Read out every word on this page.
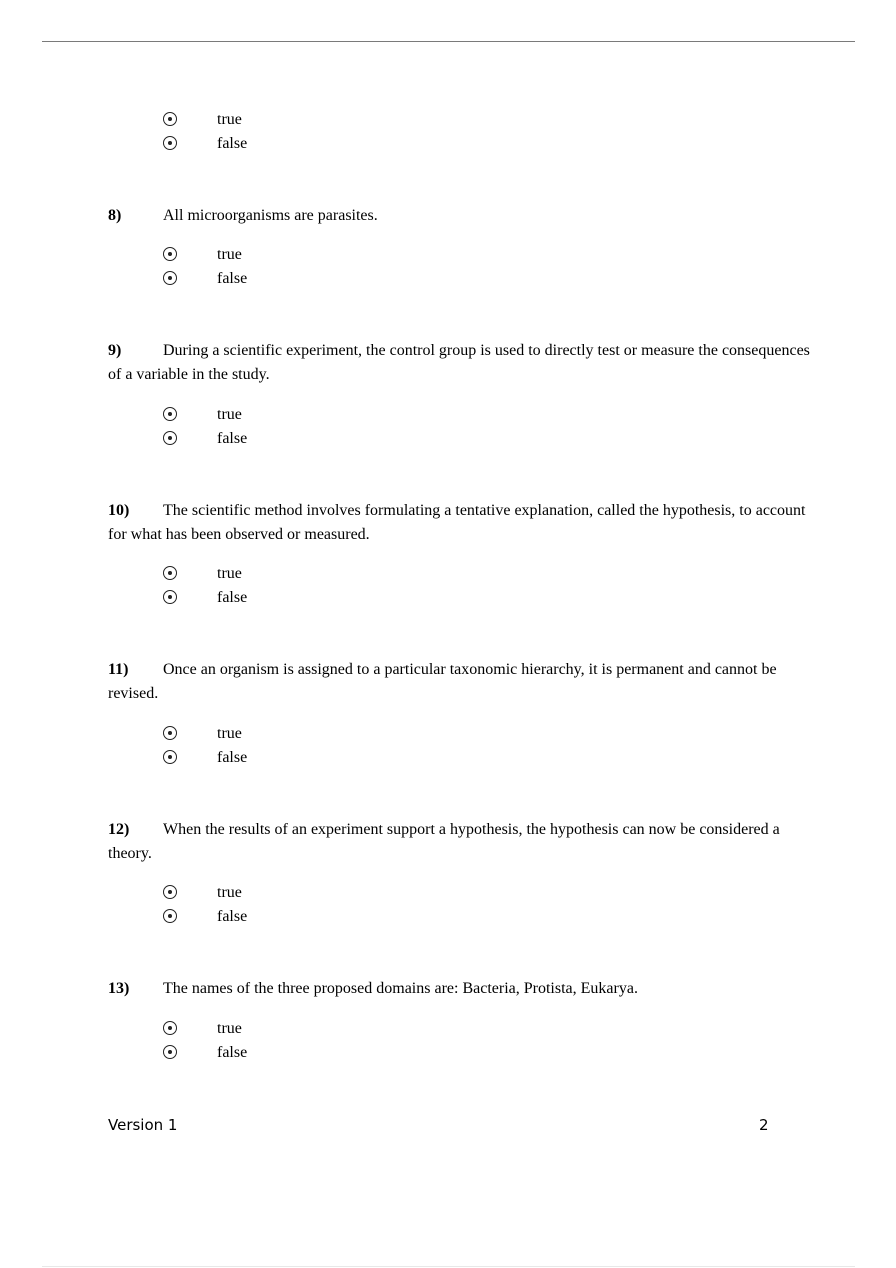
true
false
8)	All microorganisms are parasites.
true
false
9)	During a scientific experiment, the control group is used to directly test or measure the consequences of a variable in the study.
true
false
10) The scientific method involves formulating a tentative explanation, called the hypothesis, to account for what has been observed or measured.
true
false
11) Once an organism is assigned to a particular taxonomic hierarchy, it is permanent and cannot be revised.
true
false
12) When the results of an experiment support a hypothesis, the hypothesis can now be considered a theory.
true
false
13) The names of the three proposed domains are: Bacteria, Protista, Eukarya.
true
false
Version 1	2
